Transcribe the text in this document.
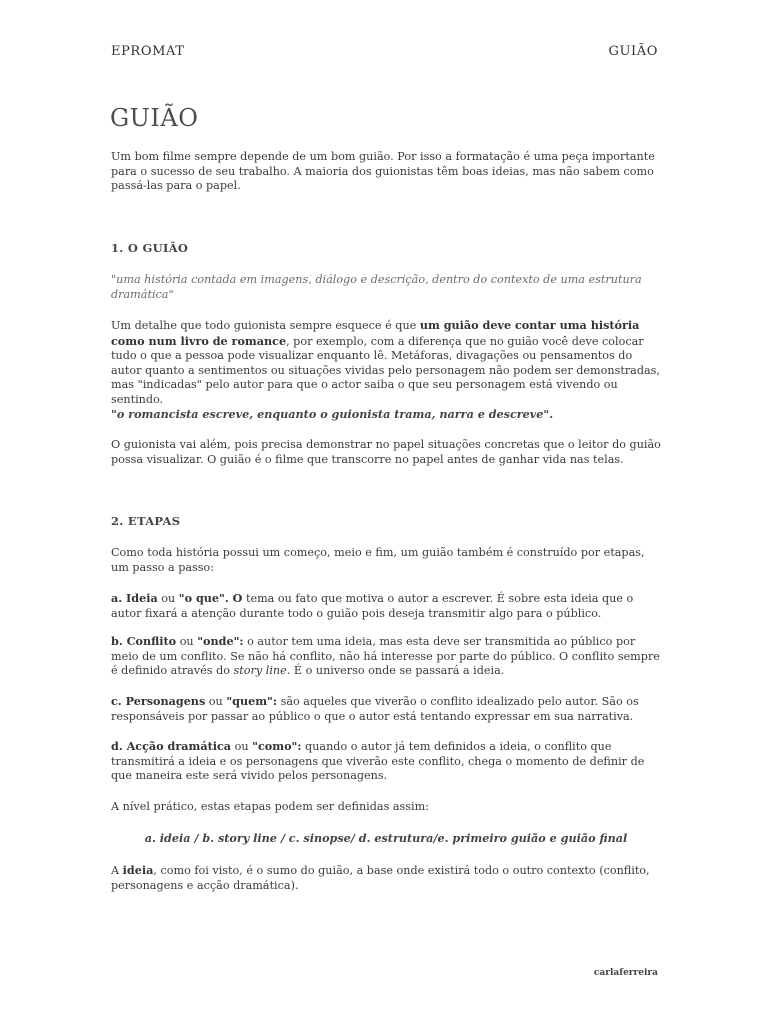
EPROMAT	GUIÃO
GUIÃO

Um bom filme sempre depende de um bom guião. Por isso a formatação é uma peça importante para o sucesso de seu trabalho. A maioria dos guionistas têm boas ideias, mas não sabem como passá-las para o papel.

1. O GUIÃO

"uma história contada em imagens, diálogo e descrição, dentro do contexto de uma estrutura dramática"

Um detalhe que todo guionista sempre esquece é que um guião deve contar uma história como num livro de romance, por exemplo, com a diferença que no guião você deve colocar tudo o que a pessoa pode visualizar enquanto lê. Metáforas, divagações ou pensamentos do autor quanto a sentimentos ou situações vividas pelo personagem não podem ser demonstradas, mas "indicadas" pelo autor para que o actor saiba o que seu personagem está vivendo ou sentindo.

"o romancista escreve, enquanto o guionista trama, narra e descreve".

O guionista vai além, pois precisa demonstrar no papel situações concretas que o leitor do guião possa visualizar. O guião é o filme que transcorre no papel antes de ganhar vida nas telas.

2. ETAPAS

Como toda história possui um começo, meio e fim, um guião também é construído por etapas, um passo a passo:

a. Ideia ou "o que". O tema ou fato que motiva o autor a escrever. É sobre esta ideia que o autor fixará a atenção durante todo o guião pois deseja transmitir algo para o público.

b. Conflito ou "onde": o autor tem uma ideia, mas esta deve ser transmitida ao público por meio de um conflito. Se não há conflito, não há interesse por parte do público. O conflito sempre é definido através do story line. É o universo onde se passará a ideia.

c. Personagens ou "quem": são aqueles que viverão o conflito idealizado pelo autor. São os responsáveis por passar ao público o que o autor está tentando expressar em sua narrativa.

d. Acção dramática ou "como": quando o autor já tem definidos a ideia, o conflito que transmitirá a ideia e os personagens que viverão este conflito, chega o momento de definir de que maneira este será vivido pelos personagens.

A nível prático, estas etapas podem ser definidas assim:

a. ideia / b. story line / c. sinopse/ d. estrutura/e. primeiro guião e guião final

A ideia, como foi visto, é o sumo do guião, a base onde existirá todo o outro contexto (conflito, personagens e acção dramática).

carlaferreira
